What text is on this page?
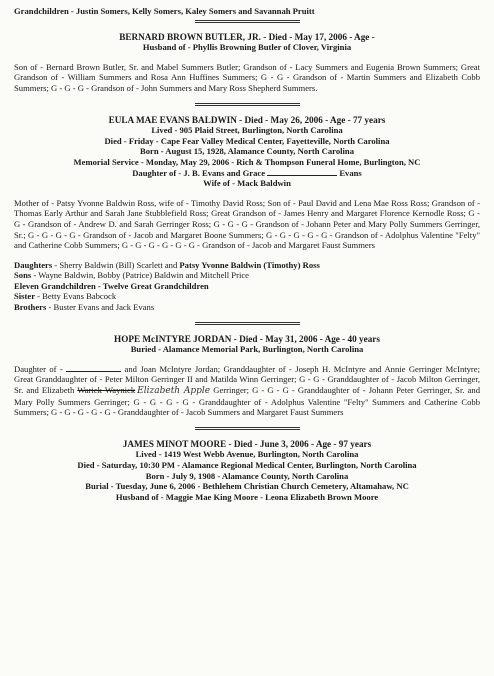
Grandchildren - Justin Somers, Kelly Somers, Kaley Somers and Savannah Pruitt
BERNARD BROWN BUTLER, JR. - Died - May 17, 2006 - Age -
Husband of - Phyllis Browning Butler of Clover, Virginia
Son of - Bernard Brown Butler, Sr. and Mabel Summers Butler; Grandson of - Lacy Summers and Eugenia Brown Summers; Great Grandson of - William Summers and Rosa Ann Huffines Summers; G - G - Grandson of - Martin Summers and Elizabeth Cobb Summers; G - G - G - Grandson of - John Summers and Mary Ross Shepherd Summers.
EULA MAE EVANS BALDWIN - Died - May 26, 2006 - Age - 77 years
Lived - 905 Plaid Street, Burlington, North Carolina
Died - Friday - Cape Fear Valley Medical Center, Fayetteville, North Carolina
Born - August 15, 1928, Alamance County, North Carolina
Memorial Service - Monday, May 29, 2006 - Rich & Thompson Funeral Home, Burlington, NC
Daughter of - J. B. Evans and Grace	Evans
Wife of - Mack Baldwin
Mother of - Patsy Yvonne Baldwin Ross, wife of - Timothy David Ross; Son of - Paul David and Lena Mae Ross Ross; Grandson of - Thomas Early Arthur and Sarah Jane Stubblefield Ross; Great Grandson of - James Henry and Margaret Florence Kernodle Ross; G - G - Grandson of - Andrew D. and Sarah Gerringer Ross; G - G - G - Grandson of - Johann Peter and Mary Polly Summers Gerringer, Sr.; G - G - G - G - Grandson of - Jacob and Margaret Boone Summers; G - G - G - G - G - Grandson of - Adolphus Valentine "Felty" and Catherine Cobb Summers; G - G - G - G - G - G - Grandson of - Jacob and Margaret Faust Summers
Daughters - Sherry Baldwin (Bill) Scarlett and Patsy Yvonne Baldwin (Timothy) Ross
Sons - Wayne Baldwin, Bobby (Patrice) Baldwin and Mitchell Price
Eleven Grandchildren - Twelve Great Grandchildren
Sister - Betty Evans Babcock
Brothers - Buster Evans and Jack Evans
HOPE McINTYRE JORDAN - Died - May 31, 2006 - Age - 40 years
Buried - Alamance Memorial Park, Burlington, North Carolina
Daughter of -	and Joan McIntyre Jordan; Granddaughter of - Joseph H. McIntyre and Annie Gerringer McIntyre; Great Granddaughter of - Peter Milton Gerringer II and Matilda Winn Gerringer; G - G - Granddaughter of - Jacob Milton Gerringer, Sr. and Elizabeth Warick Waynick Elizabeth Apple Gerringer; G - G - G - Granddaughter of - Johann Peter Gerringer, Sr. and Mary Polly Summers Gerringer; G - G - G - G - Granddaughter of - Adolphus Valentine "Felty" Summers and Catherine Cobb Summers; G - G - G - G - G - Granddaughter of - Jacob Summers and Margaret Faust Summers
JAMES MINOT MOORE - Died - June 3, 2006 - Age - 97 years
Lived - 1419 West Webb Avenue, Burlington, North Carolina
Died - Saturday, 10:30 PM - Alamance Regional Medical Center, Burlington, North Carolina
Born - July 9, 1908 - Alamance County, North Carolina
Burial - Tuesday, June 6, 2006 - Bethlehem Christian Church Cemetery, Altamahaw, NC
Husband of - Maggie Mae King Moore - Leona Elizabeth Brown Moore
